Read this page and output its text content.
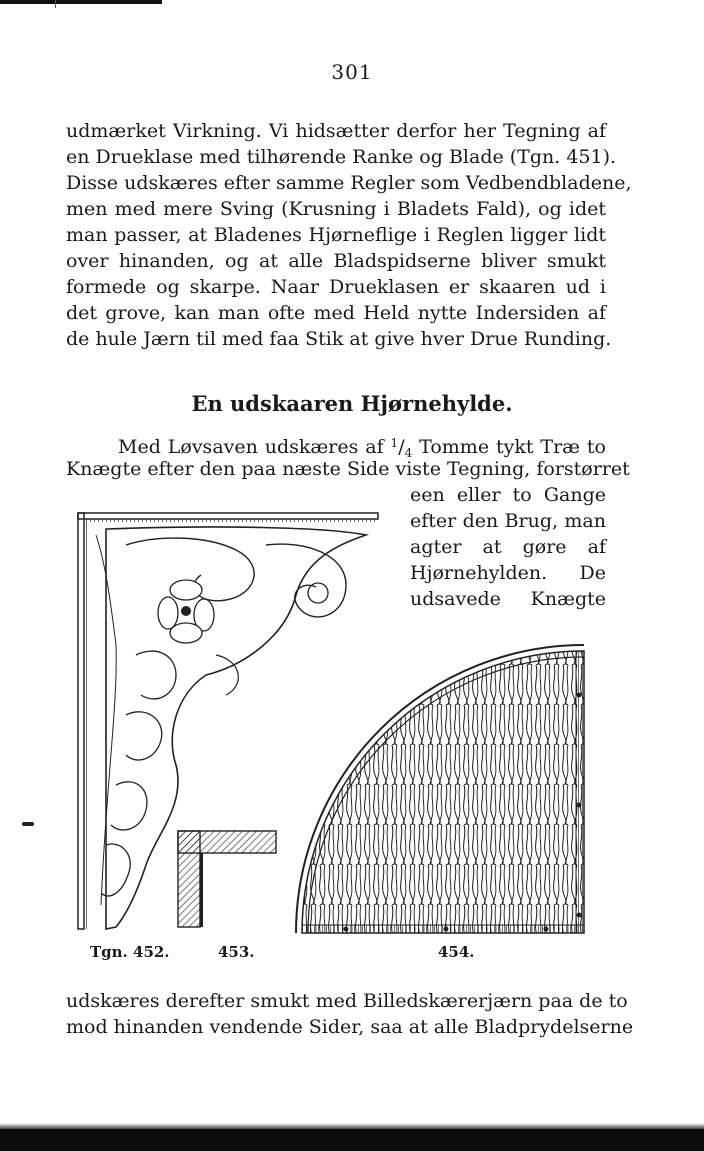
301
udmærket Virkning. Vi hidsætter derfor her Tegning af
en Drueklase med tilhørende Ranke og Blade (Tgn. 451).
Disse udskæres efter samme Regler som Vedbendbladene,
men med mere Sving (Krusning i Bladets Fald), og idet
man passer, at Bladenes Hjørneflige i Reglen ligger lidt
over hinanden, og at alle Bladspidserne bliver smukt
formede og skarpe. Naar Drueklasen er skaaren ud i
det grove, kan man ofte med Held nytte Indersiden af
de hule Jærn til med faa Stik at give hver Drue Runding.
En udskaaren Hjørnehylde.
Med Løvsaven udskæres af $^1/_4$ Tomme tykt Træ to
Knægte efter den paa næste Side viste Tegning, forstørret
een eller to Gange
efter den Brug, man
agter at gøre af
Hjørnehylden. De
udsavede Knægte
Tgn. 452.	453.	454.
udskæres derefter smukt med Billedskærerjærn paa de to
mod hinanden vendende Sider, saa at alle Bladprydelserne
